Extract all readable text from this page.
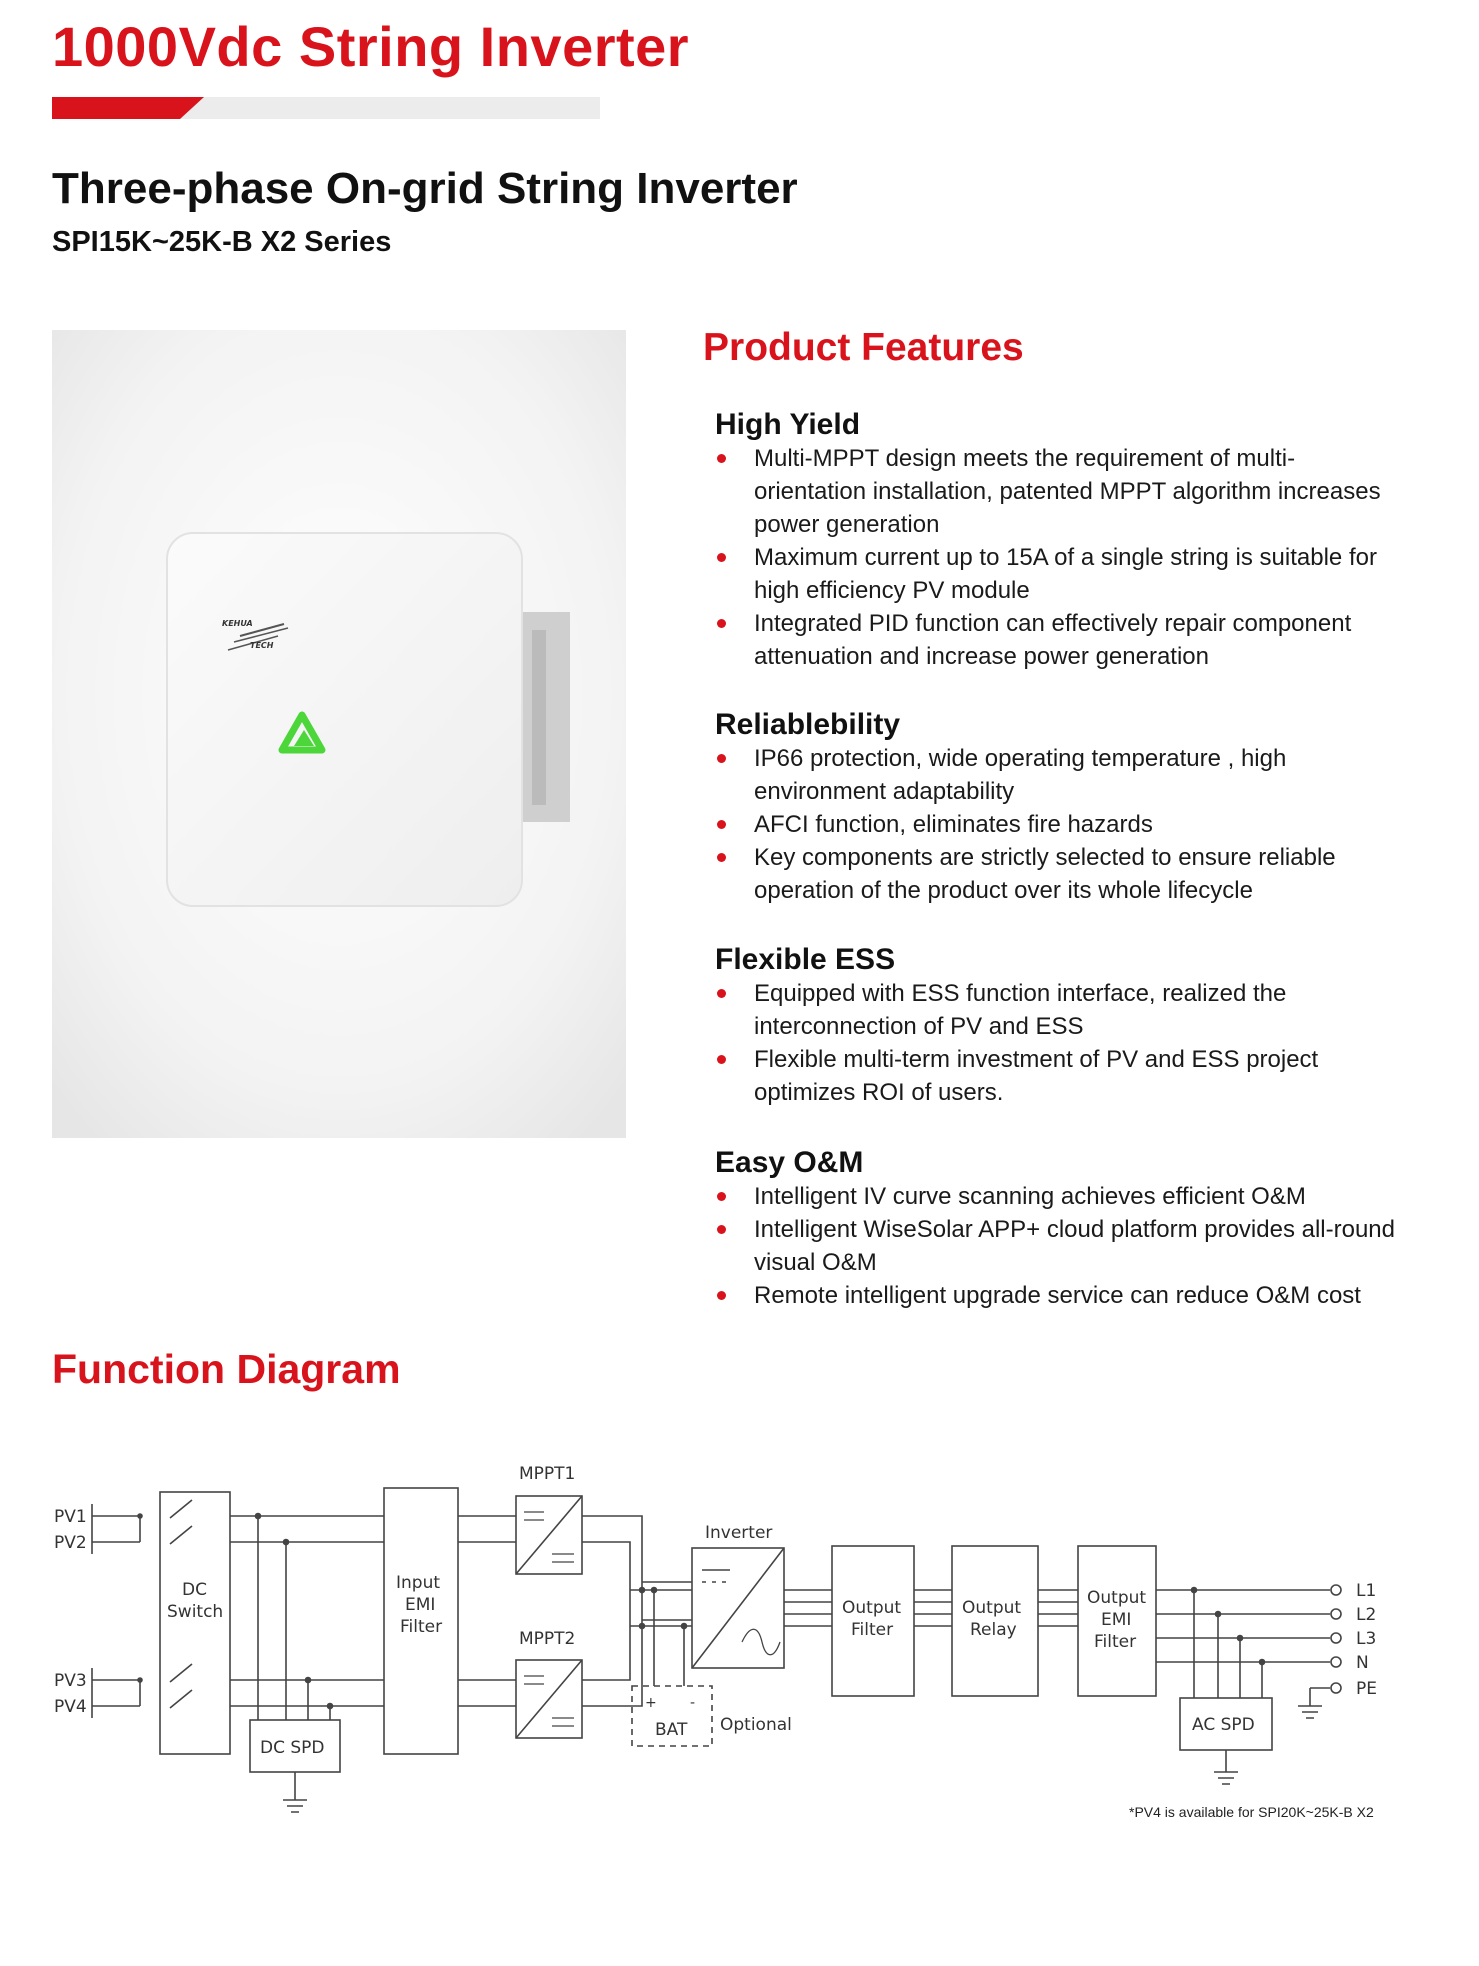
1000Vdc String Inverter
Three-phase On-grid String Inverter
SPI15K~25K-B X2 Series
KEHUA
TECH
Product Features
High Yield
Multi-MPPT design meets the requirement of multi-orientation installation, patented MPPT algorithm increases power generation
Maximum current up to 15A of a single string is suitable for high efficiency PV module
Integrated PID function can effectively repair component attenuation and increase power generation
Reliablebility
IP66 protection, wide operating temperature , high environment adaptability
AFCI function, eliminates fire hazards
Key components are strictly selected to ensure reliable operation of the product over its whole lifecycle
Flexible ESS
Equipped with ESS function interface, realized the interconnection of PV and ESS
Flexible multi-term investment of PV and ESS project optimizes ROI of users.
Easy O&M
Intelligent IV curve scanning achieves efficient O&M
Intelligent WiseSolar APP+ cloud platform provides all-round visual O&M
Remote intelligent upgrade service can reduce O&M cost
Function Diagram
PV1
PV2
PV3
PV4
DC
Switch
DC SPD
Input
EMI
Filter
MPPT1
MPPT2
BAT
+ -
Optional
Inverter
Output
Filter
Output
Relay
Output
EMI
Filter
L1
L2
L3
N
PE
AC SPD
*PV4 is available for SPI20K~25K-B X2
